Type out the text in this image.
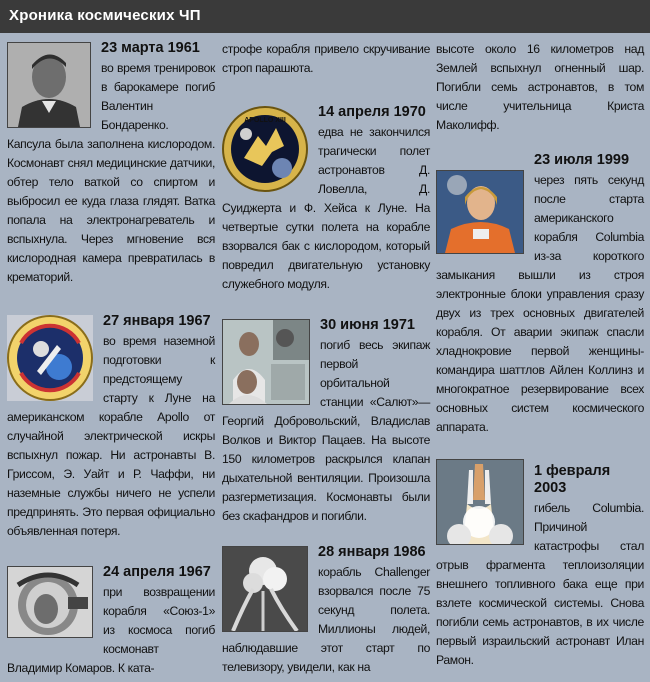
Хроника космических ЧП
23 марта 1961

во время тренировок в барокамере погиб Валентин Бондаренко. Капсула была заполнена кислородом. Космонавт снял медицинские датчики, обтер тело ваткой со спиртом и выбросил ее куда глаза глядят. Ватка попала на электронагреватель и вспыхнула. Через мгновение вся кислородная камера превратилась в крематорий.

27 января 1967

во время наземной подготовки к предстоящему старту к Луне на американском корабле Apollo от случайной электрической искры вспыхнул пожар. Ни астронавты В. Гриссом, Э. Уайт и Р. Чаффи, ни наземные службы ничего не успели предпринять. Это первая официально объявленная потеря.

24 апреля 1967

при возвращении корабля «Союз-1» из космоса погиб космонавт Владимир Комаров. К ката-

строфе корабля привело скручивание строп парашюта.

APOLLO XIII
14 апреля 1970

едва не закончился трагически полет астронавтов Д. Ловелла, Д. Суиджерта и Ф. Хейса к Луне. На четвертые сутки полета на корабле взорвался бак с кислородом, который повредил двигательную установку служебного модуля.

30 июня 1971

погиб весь экипаж первой орбитальной станции «Салют»—Георгий Добровольский, Владислав Волков и Виктор Пацаев. На высоте 150 километров раскрылся клапан дыхательной вентиляции. Произошла разгерметизация. Космонавты были без скафандров и погибли.

28 января 1986

корабль Challenger взорвался после 75 секунд полета. Миллионы людей, наблюдавшие этот старт по телевизору, увидели, как на

высоте около 16 километров над Землей вспыхнул огненный шар. Погибли семь астронавтов, в том числе учительница Криста Маколифф.

23 июля 1999

через пять секунд после старта американского корабля Columbia из-за короткого замыкания вышли из строя электронные блоки управления сразу двух из трех основных двигателей корабля. От аварии экипаж спасли хладнокровие первой женщины-командира шаттлов Айлен Коллинз и многократное резервирование всех основных систем космического аппарата.

1 февраля 2003

гибель Columbia. Причиной катастрофы стал отрыв фрагмента теплоизоляции внешнего топливного бака еще при взлете космической системы. Снова погибли семь астронавтов, в их числе первый израильский астронавт Илан Рамон.
